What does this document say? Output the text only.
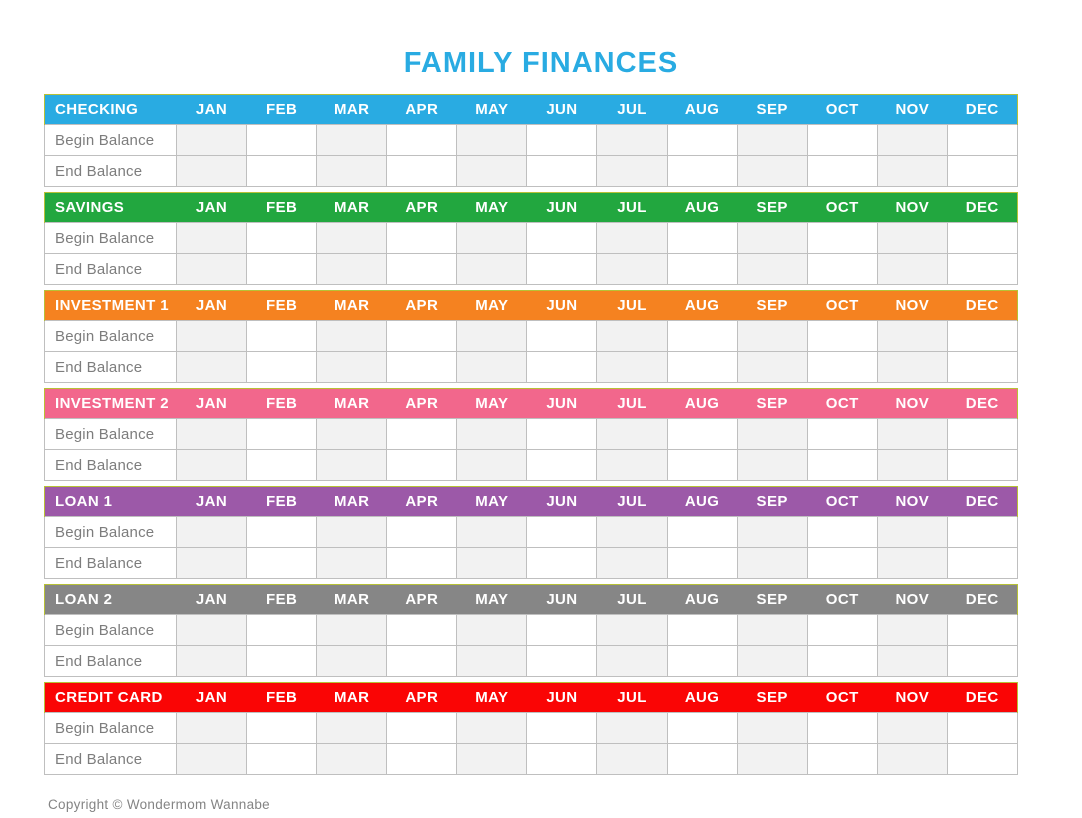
FAMILY FINANCES
CHECKING	JAN	FEB	MAR	APR	MAY	JUN	JUL	AUG	SEP	OCT	NOV	DEC
Begin Balance												
End Balance												
SAVINGS	JAN	FEB	MAR	APR	MAY	JUN	JUL	AUG	SEP	OCT	NOV	DEC
Begin Balance												
End Balance												
INVESTMENT 1	JAN	FEB	MAR	APR	MAY	JUN	JUL	AUG	SEP	OCT	NOV	DEC
Begin Balance												
End Balance												
INVESTMENT 2	JAN	FEB	MAR	APR	MAY	JUN	JUL	AUG	SEP	OCT	NOV	DEC
Begin Balance												
End Balance												
LOAN 1	JAN	FEB	MAR	APR	MAY	JUN	JUL	AUG	SEP	OCT	NOV	DEC
Begin Balance												
End Balance												
LOAN 2	JAN	FEB	MAR	APR	MAY	JUN	JUL	AUG	SEP	OCT	NOV	DEC
Begin Balance												
End Balance												
CREDIT CARD	JAN	FEB	MAR	APR	MAY	JUN	JUL	AUG	SEP	OCT	NOV	DEC
Begin Balance												
End Balance												
Copyright © Wondermom Wannabe
